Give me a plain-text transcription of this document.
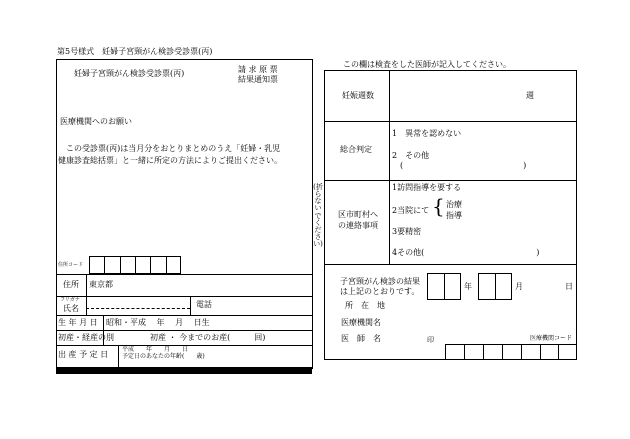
第5号様式　妊婦子宮頸がん検診受診票(丙)
この欄は検査をした医師が記入してください。
妊婦子宮頸がん検診受診票(丙)	請 求 原 票
結果通知票
医療機関へのお願い
この受診票(丙)は当月分をおとりまとめのうえ「妊婦・乳児
健康診査総括票」と一緒に所定の方法によりご提出ください。
住所コード
住所 東京都
フリガナ
氏名	電話
生 年 月 日 昭和・平成　 年　 月　 日生
初産・経産の別	初産 ・ 今までのお産(　　　回)
出 産 予 定 日
平成　　年　　月　　日
予定日のあなたの年齢(　　歳)
(折らないでください)
妊娠週数	週
総合判定
1　異常を認めない
2　その他
(　　　　　　　　　　　　　　　)
区市町村へ
の連絡事項
1訪問指導を要する
2当院にて { 治療
指導
3要精密
4その他(　　　　　　　　　　　　　　)
子宮頸がん検診の結果
は上記のとおりです。
年	月	日
所　在　地
医療機関名
医　師　名	印	医療機関コード
